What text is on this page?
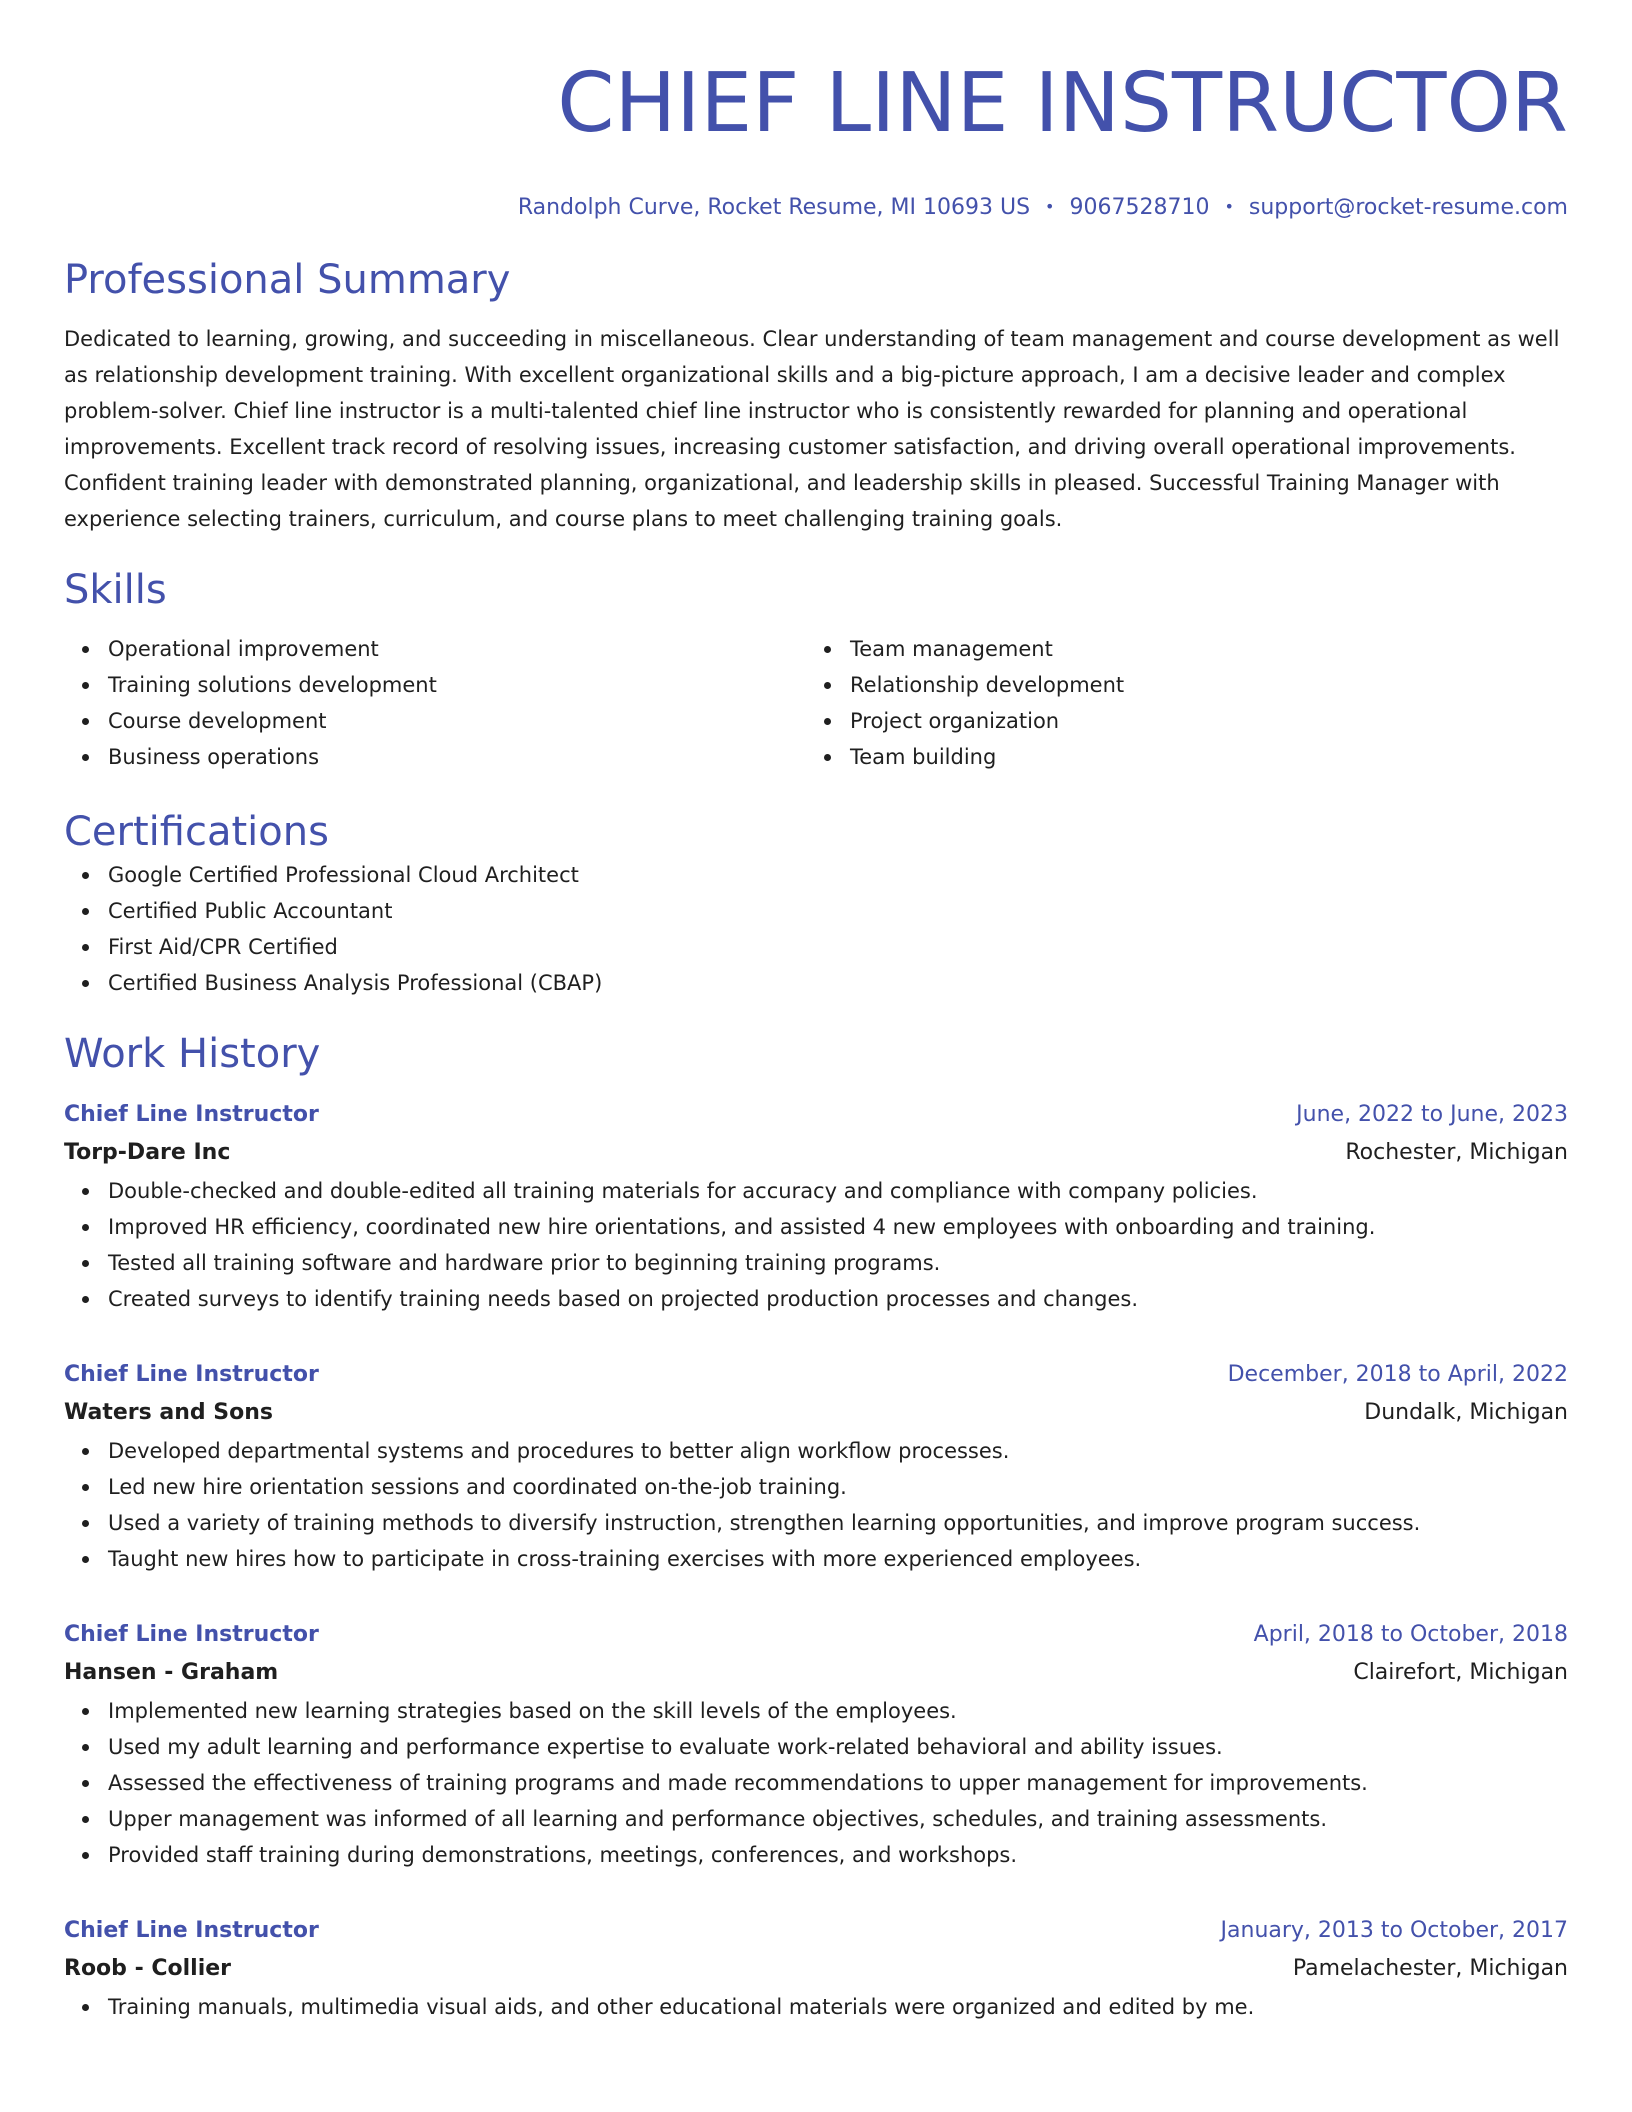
CHIEF LINE INSTRUCTOR
Randolph Curve, Rocket Resume, MI 10693 US • 9067528710 • support@rocket-resume.com
Professional Summary
Dedicated to learning, growing, and succeeding in miscellaneous. Clear understanding of team management and course development as well as relationship development training. With excellent organizational skills and a big-picture approach, I am a decisive leader and complex problem-solver. Chief line instructor is a multi-talented chief line instructor who is consistently rewarded for planning and operational improvements. Excellent track record of resolving issues, increasing customer satisfaction, and driving overall operational improvements. Confident training leader with demonstrated planning, organizational, and leadership skills in pleased. Successful Training Manager with experience selecting trainers, curriculum, and course plans to meet challenging training goals.
Skills
Operational improvement
Training solutions development
Course development
Business operations
Team management
Relationship development
Project organization
Team building
Certifications
Google Certified Professional Cloud Architect
Certified Public Accountant
First Aid/CPR Certified
Certified Business Analysis Professional (CBAP)
Work History
Chief Line Instructor	June, 2022 to June, 2023
Torp-Dare Inc	Rochester, Michigan
Double-checked and double-edited all training materials for accuracy and compliance with company policies.
Improved HR efficiency, coordinated new hire orientations, and assisted 4 new employees with onboarding and training.
Tested all training software and hardware prior to beginning training programs.
Created surveys to identify training needs based on projected production processes and changes.
Chief Line Instructor	December, 2018 to April, 2022
Waters and Sons	Dundalk, Michigan
Developed departmental systems and procedures to better align workflow processes.
Led new hire orientation sessions and coordinated on-the-job training.
Used a variety of training methods to diversify instruction, strengthen learning opportunities, and improve program success.
Taught new hires how to participate in cross-training exercises with more experienced employees.
Chief Line Instructor	April, 2018 to October, 2018
Hansen - Graham	Clairefort, Michigan
Implemented new learning strategies based on the skill levels of the employees.
Used my adult learning and performance expertise to evaluate work-related behavioral and ability issues.
Assessed the effectiveness of training programs and made recommendations to upper management for improvements.
Upper management was informed of all learning and performance objectives, schedules, and training assessments.
Provided staff training during demonstrations, meetings, conferences, and workshops.
Chief Line Instructor	January, 2013 to October, 2017
Roob - Collier	Pamelachester, Michigan
Training manuals, multimedia visual aids, and other educational materials were organized and edited by me.
